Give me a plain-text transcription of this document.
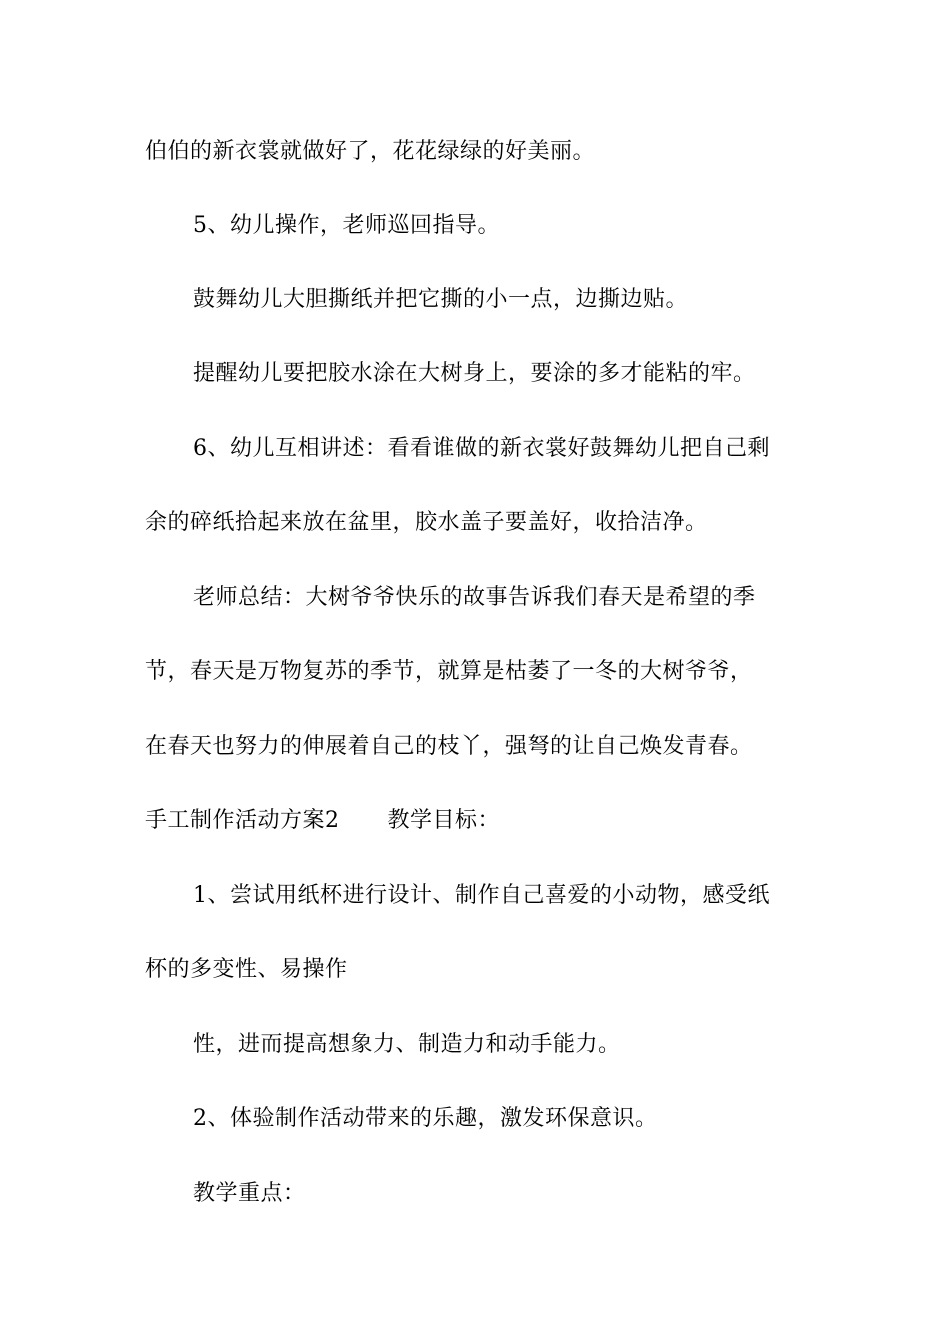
伯伯的新衣裳就做好了，花花绿绿的好美丽。
5、幼儿操作，老师巡回指导。
鼓舞幼儿大胆撕纸并把它撕的小一点，边撕边贴。
提醒幼儿要把胶水涂在大树身上，要涂的多才能粘的牢。
6、幼儿互相讲述：看看谁做的新衣裳好鼓舞幼儿把自己剩
余的碎纸拾起来放在盆里，胶水盖子要盖好，收拾洁净。
老师总结：大树爷爷快乐的故事告诉我们春天是希望的季
节，春天是万物复苏的季节，就算是枯萎了一冬的大树爷爷，
在春天也努力的伸展着自己的枝丫，强弩的让自己焕发青春。
手工制作活动方案2 教学目标：
1、尝试用纸杯进行设计、制作自己喜爱的小动物，感受纸
杯的多变性、易操作
性，进而提高想象力、制造力和动手能力。
2、体验制作活动带来的乐趣，激发环保意识。
教学重点：
